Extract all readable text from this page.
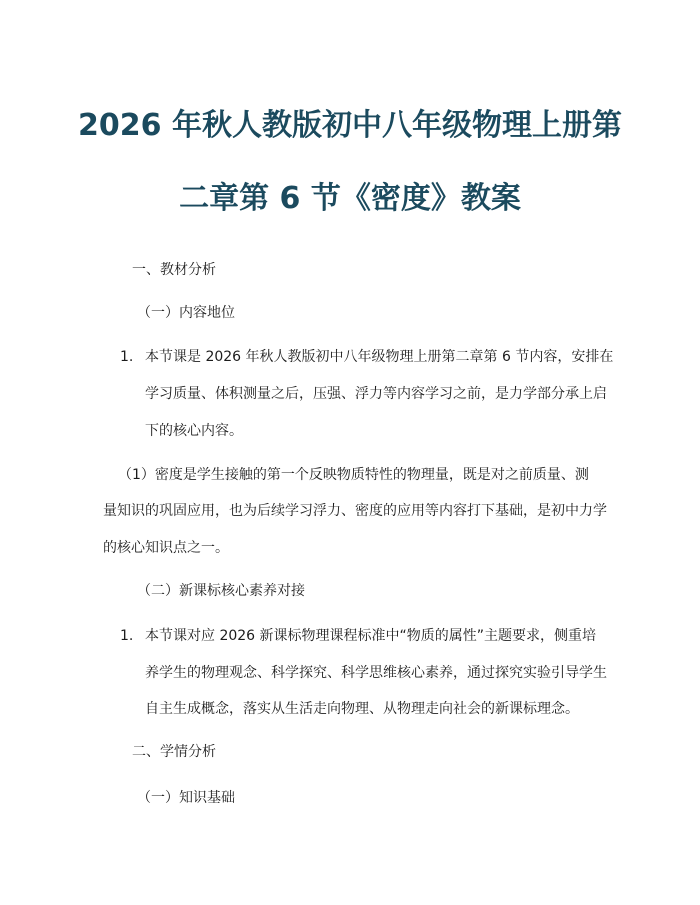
2026 年秋人教版初中八年级物理上册第
二章第 6 节《密度》教案
一、教材分析
（一）内容地位
1. 本节课是 2026 年秋人教版初中八年级物理上册第二章第 6 节内容，安排在
学习质量、体积测量之后，压强、浮力等内容学习之前，是力学部分承上启
下的核心内容。
（1）密度是学生接触的第一个反映物质特性的物理量，既是对之前质量、测
量知识的巩固应用，也为后续学习浮力、密度的应用等内容打下基础，是初中力学
的核心知识点之一。
（二）新课标核心素养对接
1. 本节课对应 2026 新课标物理课程标准中“物质的属性”主题要求，侧重培
养学生的物理观念、科学探究、科学思维核心素养，通过探究实验引导学生
自主生成概念，落实从生活走向物理、从物理走向社会的新课标理念。
二、学情分析
（一）知识基础
